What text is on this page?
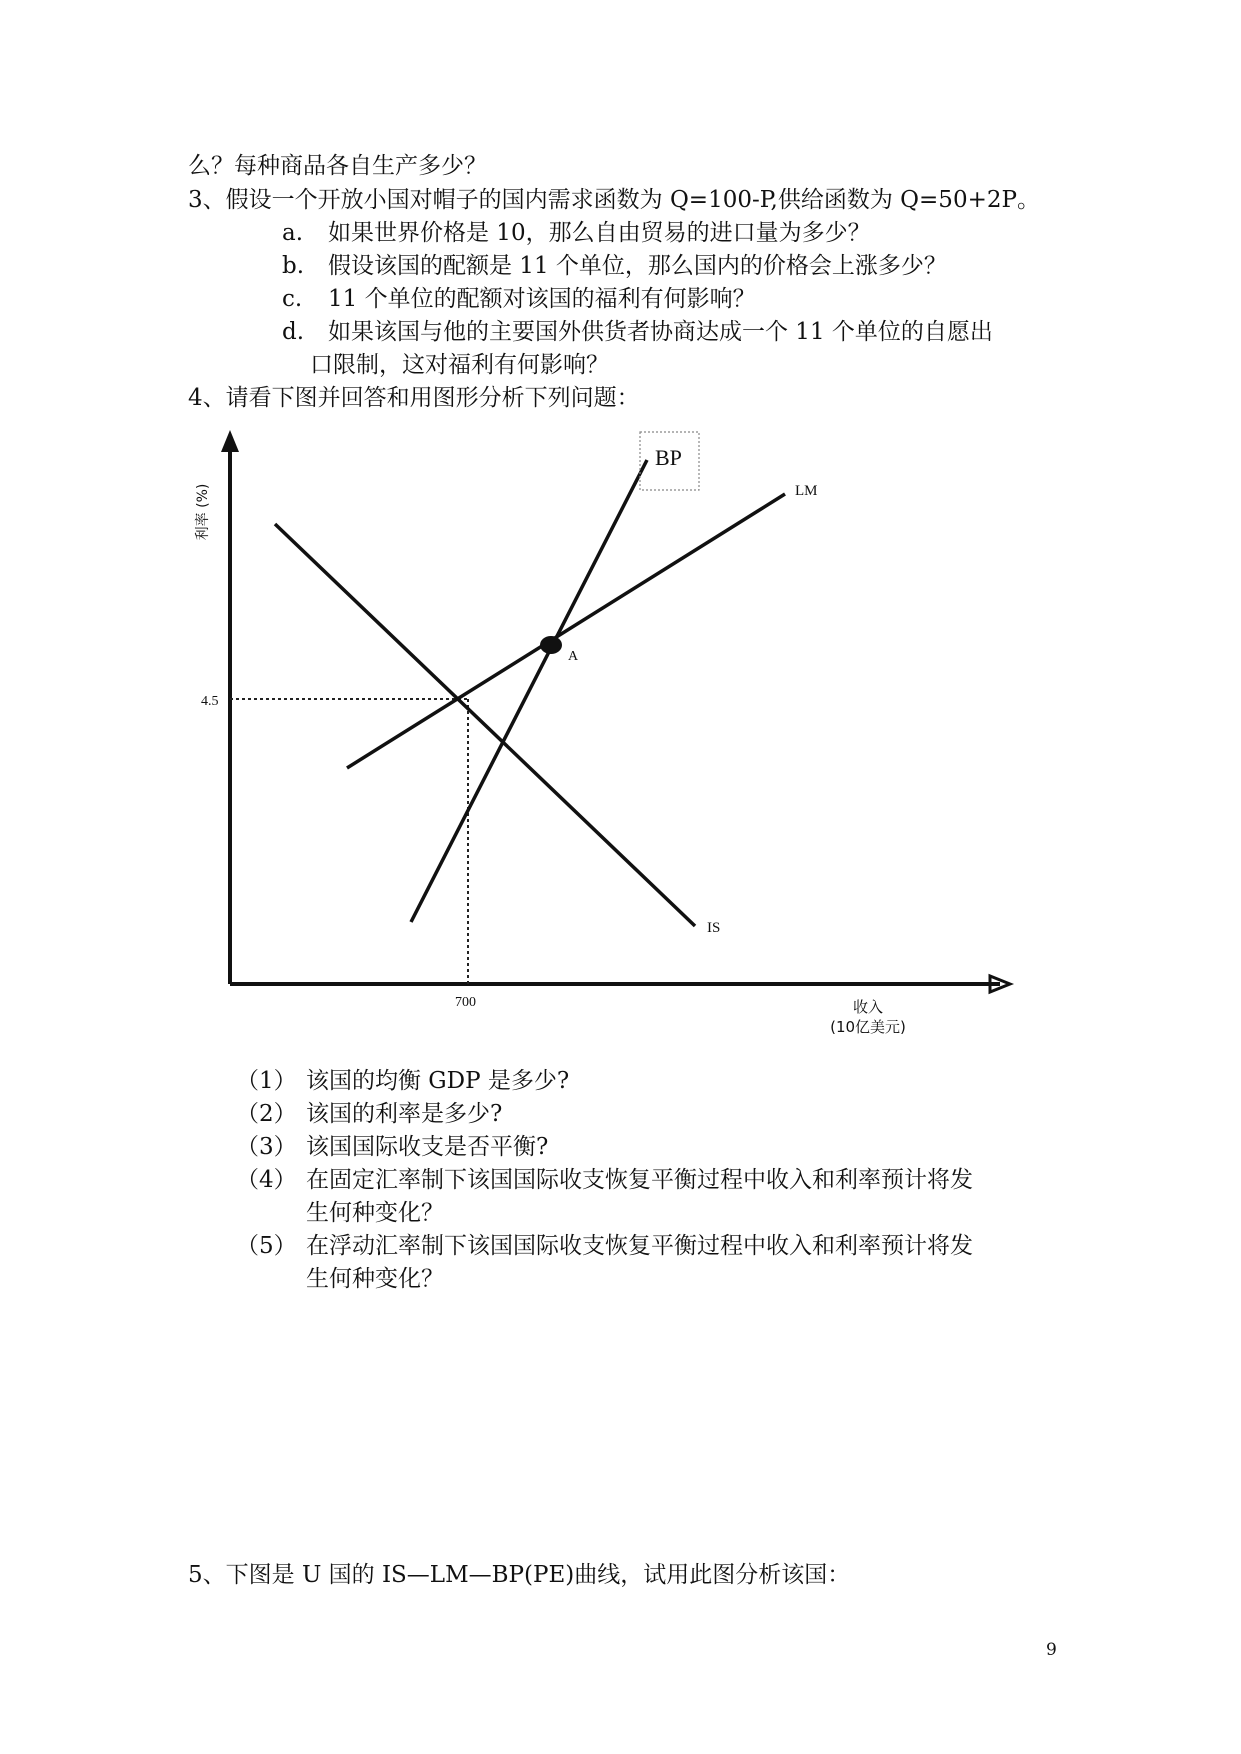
么？每种商品各自生产多少？
3、假设一个开放小国对帽子的国内需求函数为 Q=100-P,供给函数为 Q=50+2P。
a. 如果世界价格是 10，那么自由贸易的进口量为多少？
b. 假设该国的配额是 11 个单位，那么国内的价格会上涨多少？
c. 11 个单位的配额对该国的福利有何影响？
d. 如果该国与他的主要国外供货者协商达成一个 11 个单位的自愿出
口限制，这对福利有何影响？
4、请看下图并回答和用图形分析下列问题：
BP
LM
IS
A
4.5
700
利率 (%)
收入
(10亿美元)
（1） 该国的均衡 GDP 是多少?
（2） 该国的利率是多少?
（3） 该国国际收支是否平衡?
（4） 在固定汇率制下该国国际收支恢复平衡过程中收入和利率预计将发
生何种变化？
（5） 在浮动汇率制下该国国际收支恢复平衡过程中收入和利率预计将发
生何种变化？
5、下图是 U 国的 IS—LM—BP(PE)曲线，试用此图分析该国：
9
